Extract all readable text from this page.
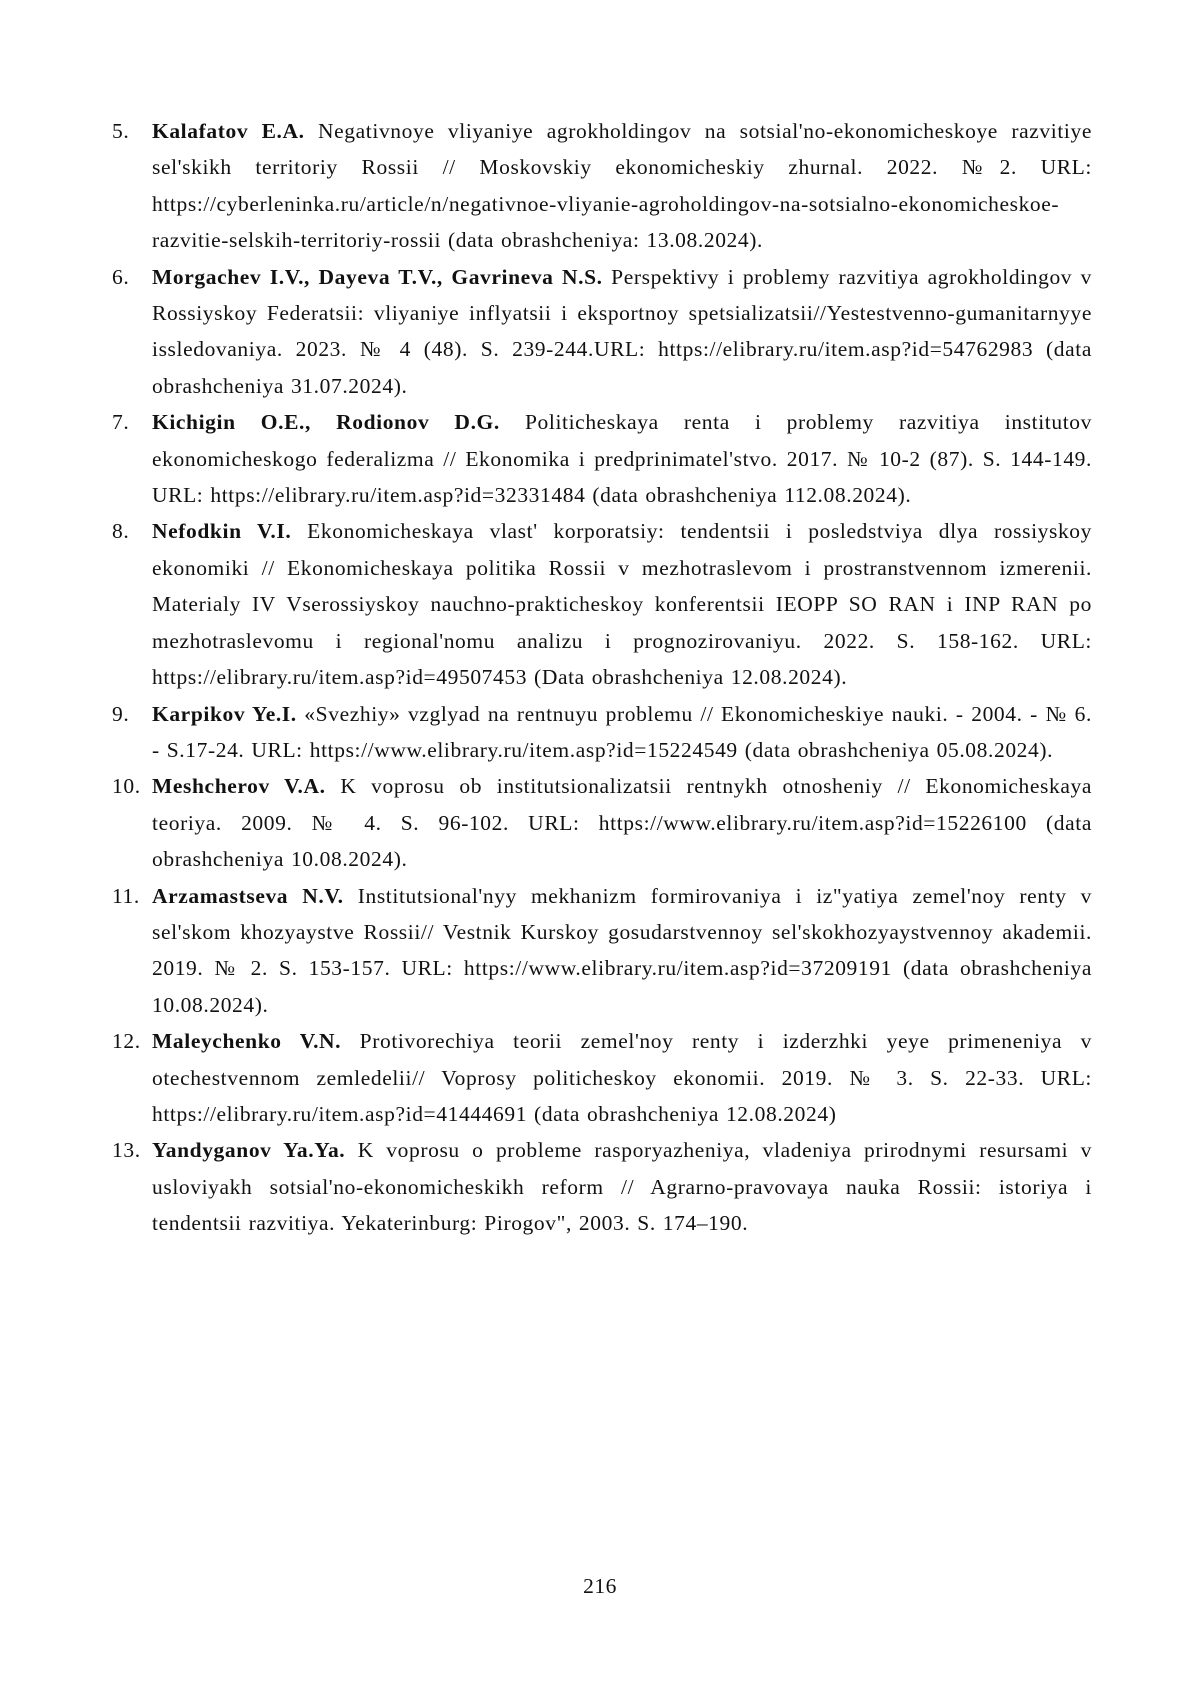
5.	Kalafatov E.A. Negativnoye vliyaniye agrokholdingov na sotsial'no-ekonomicheskoye razvitiye sel'skikh territoriy Rossii // Moskovskiy ekonomicheskiy zhurnal. 2022. №2. URL: https://cyberleninka.ru/article/n/negativnoe-vliyanie-agroholdingov-na-sotsialno-ekonomicheskoe-razvitie-selskih-territoriy-rossii (data obrashcheniya: 13.08.2024).

6.	Morgachev I.V., Dayeva T.V., Gavrineva N.S. Perspektivy i problemy razvitiya agrokholdingov v Rossiyskoy Federatsii: vliyaniye inflyatsii i eksportnoy spetsializatsii//Yestestvenno-gumanitarnyye issledovaniya. 2023. № 4 (48). S. 239-244.URL: https://elibrary.ru/item.asp?id=54762983 (data obrashcheniya 31.07.2024).

7.	Kichigin O.E., Rodionov D.G. Politicheskaya renta i problemy razvitiya institutov ekonomicheskogo federalizma // Ekonomika i predprinimatel'stvo. 2017. № 10-2 (87). S. 144-149. URL: https://elibrary.ru/item.asp?id=32331484 (data obrashcheniya 112.08.2024).

8.	Nefodkin V.I. Ekonomicheskaya vlast' korporatsiy: tendentsii i posledstviya dlya rossiyskoy ekonomiki // Ekonomicheskaya politika Rossii v mezhotraslevom i prostranstvennom izmerenii. Materialy IV Vserossiyskoy nauchno-prakticheskoy konferentsii IEOPP SO RAN i INP RAN po mezhotraslevomu i regional'nomu analizu i prognozirovaniyu. 2022. S. 158-162. URL: https://elibrary.ru/item.asp?id=49507453 (Data obrashcheniya 12.08.2024).

9.	Karpikov Ye.I. «Svezhiy» vzglyad na rentnuyu problemu // Ekonomicheskiye nauki. - 2004. - № 6. - S.17-24. URL: https://www.elibrary.ru/item.asp?id=15224549 (data obrashcheniya 05.08.2024).

10. Meshcherov V.A. K voprosu ob institutsionalizatsii rentnykh otnosheniy // Ekonomicheskaya teoriya. 2009. № 4. S. 96-102. URL: https://www.elibrary.ru/item.asp?id=15226100 (data obrashcheniya 10.08.2024).

11. Arzamastseva N.V. Institutsional'nyy mekhanizm formirovaniya i iz"yatiya zemel'noy renty v sel'skom khozyaystve Rossii// Vestnik Kurskoy gosudarstvennoy sel'skokhozyaystvennoy akademii. 2019. № 2. S. 153-157. URL: https://www.elibrary.ru/item.asp?id=37209191 (data obrashcheniya 10.08.2024).

12. Maleychenko V.N. Protivorechiya teorii zemel'noy renty i izderzhki yeye primeneniya v otechestvennom zemledelii// Voprosy politicheskoy ekonomii. 2019. № 3. S. 22-33. URL: https://elibrary.ru/item.asp?id=41444691 (data obrashcheniya 12.08.2024)

13. Yandyganov Ya.Ya. K voprosu o probleme rasporyazheniya, vladeniya prirodnymi resursami v usloviyakh sotsial'no-ekonomicheskikh reform // Agrarno-pravovaya nauka Rossii: istoriya i tendentsii razvitiya. Yekaterinburg: Pirogov", 2003. S. 174–190.

216
